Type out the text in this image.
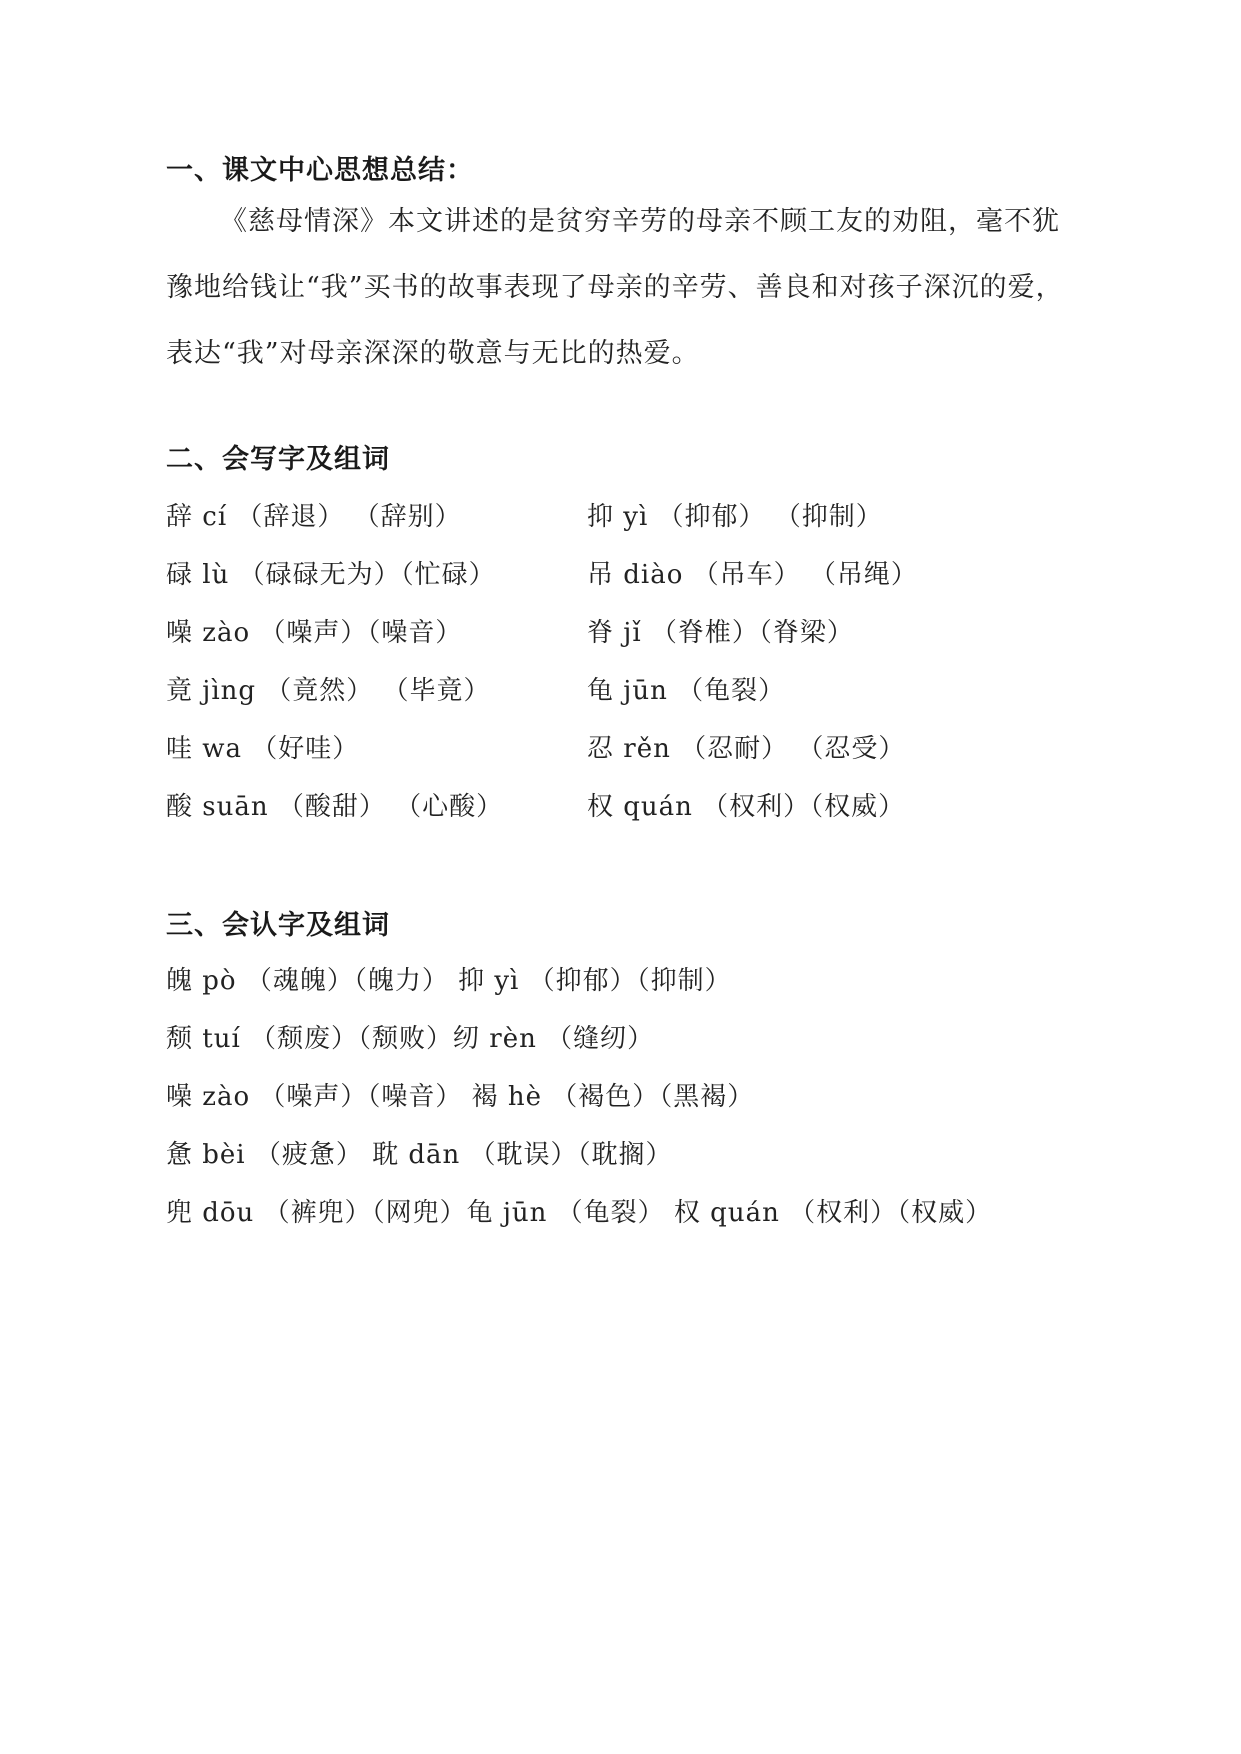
一、课文中心思想总结：
《慈母情深》本文讲述的是贫穷辛劳的母亲不顾工友的劝阻，毫不犹豫地给钱让“我”买书的故事表现了母亲的辛劳、善良和对孩子深沉的爱，表达“我”对母亲深深的敬意与无比的热爱。
二、会写字及组词
辞 cí （辞退） （辞别）
碌 lù （碌碌无为）（忙碌）
噪 zào （噪声）（噪音）
竟 jìng （竟然） （毕竟）
哇 wa （好哇）
酸 suān （酸甜） （心酸）
抑 yì （抑郁） （抑制）
吊 diào （吊车） （吊绳）
脊 jǐ （脊椎）（脊梁）
龟 jūn （龟裂）
忍 rěn （忍耐） （忍受）
权 quán （权利）（权威）
三、会认字及组词
魄 pò （魂魄）（魄力） 抑 yì （抑郁）（抑制）
颓 tuí （颓废）（颓败）纫 rèn （缝纫）
噪 zào （噪声）（噪音） 褐 hè （褐色）（黑褐）
惫 bèi （疲惫） 耽 dān （耽误）（耽搁）
兜 dōu （裤兜）（网兜）龟 jūn （龟裂） 权 quán （权利）（权威）
